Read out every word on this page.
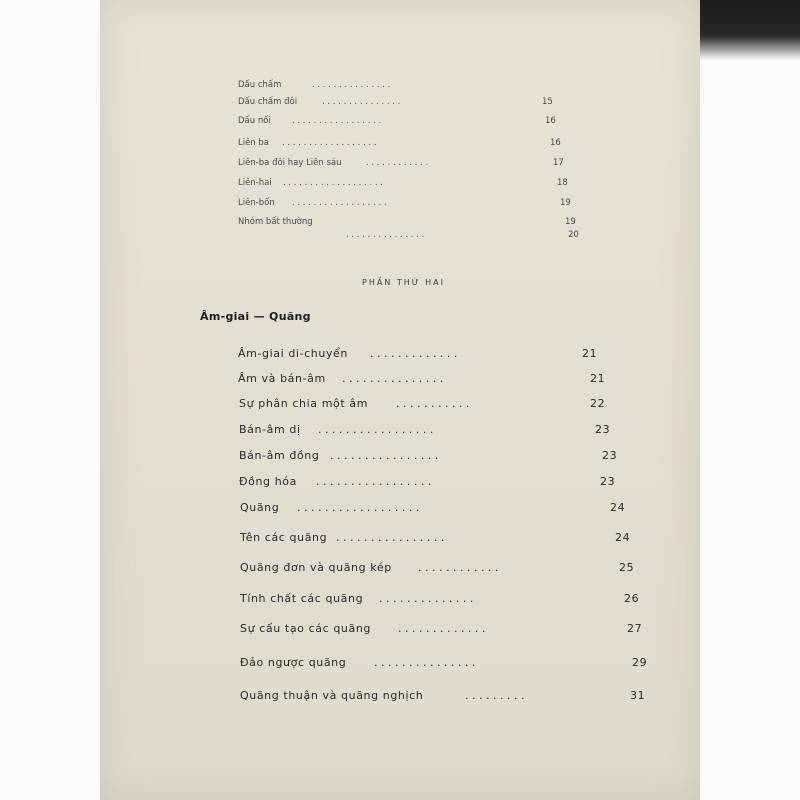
Dấu chấm	. . . . . . . . . . . . . . .
Dấu chấm đôi	. . . . . . . . . . . . . . .	15
Dấu nối . . . . . . . . . . . . . . . . .	16
Liên ba . . . . . . . . . . . . . . . . . .	16
Liên-ba đôi hay Liên sáu	. . . . . . . . . . . .	17
Liên-hai . . . . . . . . . . . . . . . . . . .	18
Liên-bốn . . . . . . . . . . . . . . . . . .	19
Nhóm bất thường	19
. . . . . . . . . . . . . . .	20
PHẦN THỨ HAI
Âm-giai — Quãng
Âm-giai di-chuyển . . . . . . . . . . . . .	21
Âm và bán-âm . . . . . . . . . . . . . . .	21
Sự phân chia một âm	. . . . . . . . . . .	22
Bán-âm dị . . . . . . . . . . . . . . . . .	23
Bán-âm đồng . . . . . . . . . . . . . . . .	23
Đồng hóa . . . . . . . . . . . . . . . . .	23
Quãng . . . . . . . . . . . . . . . . . .	24
Tên các quãng . . . . . . . . . . . . . . . .	24
Quãng đơn và quãng kép . . . . . . . . . . . .	25
Tính chất các quãng . . . . . . . . . . . . . .	26
Sự cấu tạo các quãng . . . . . . . . . . . . .	27
Đảo ngược quãng	. . . . . . . . . . . . . . .	29
Quãng thuận và quãng nghịch	. . . . . . . . .	31
